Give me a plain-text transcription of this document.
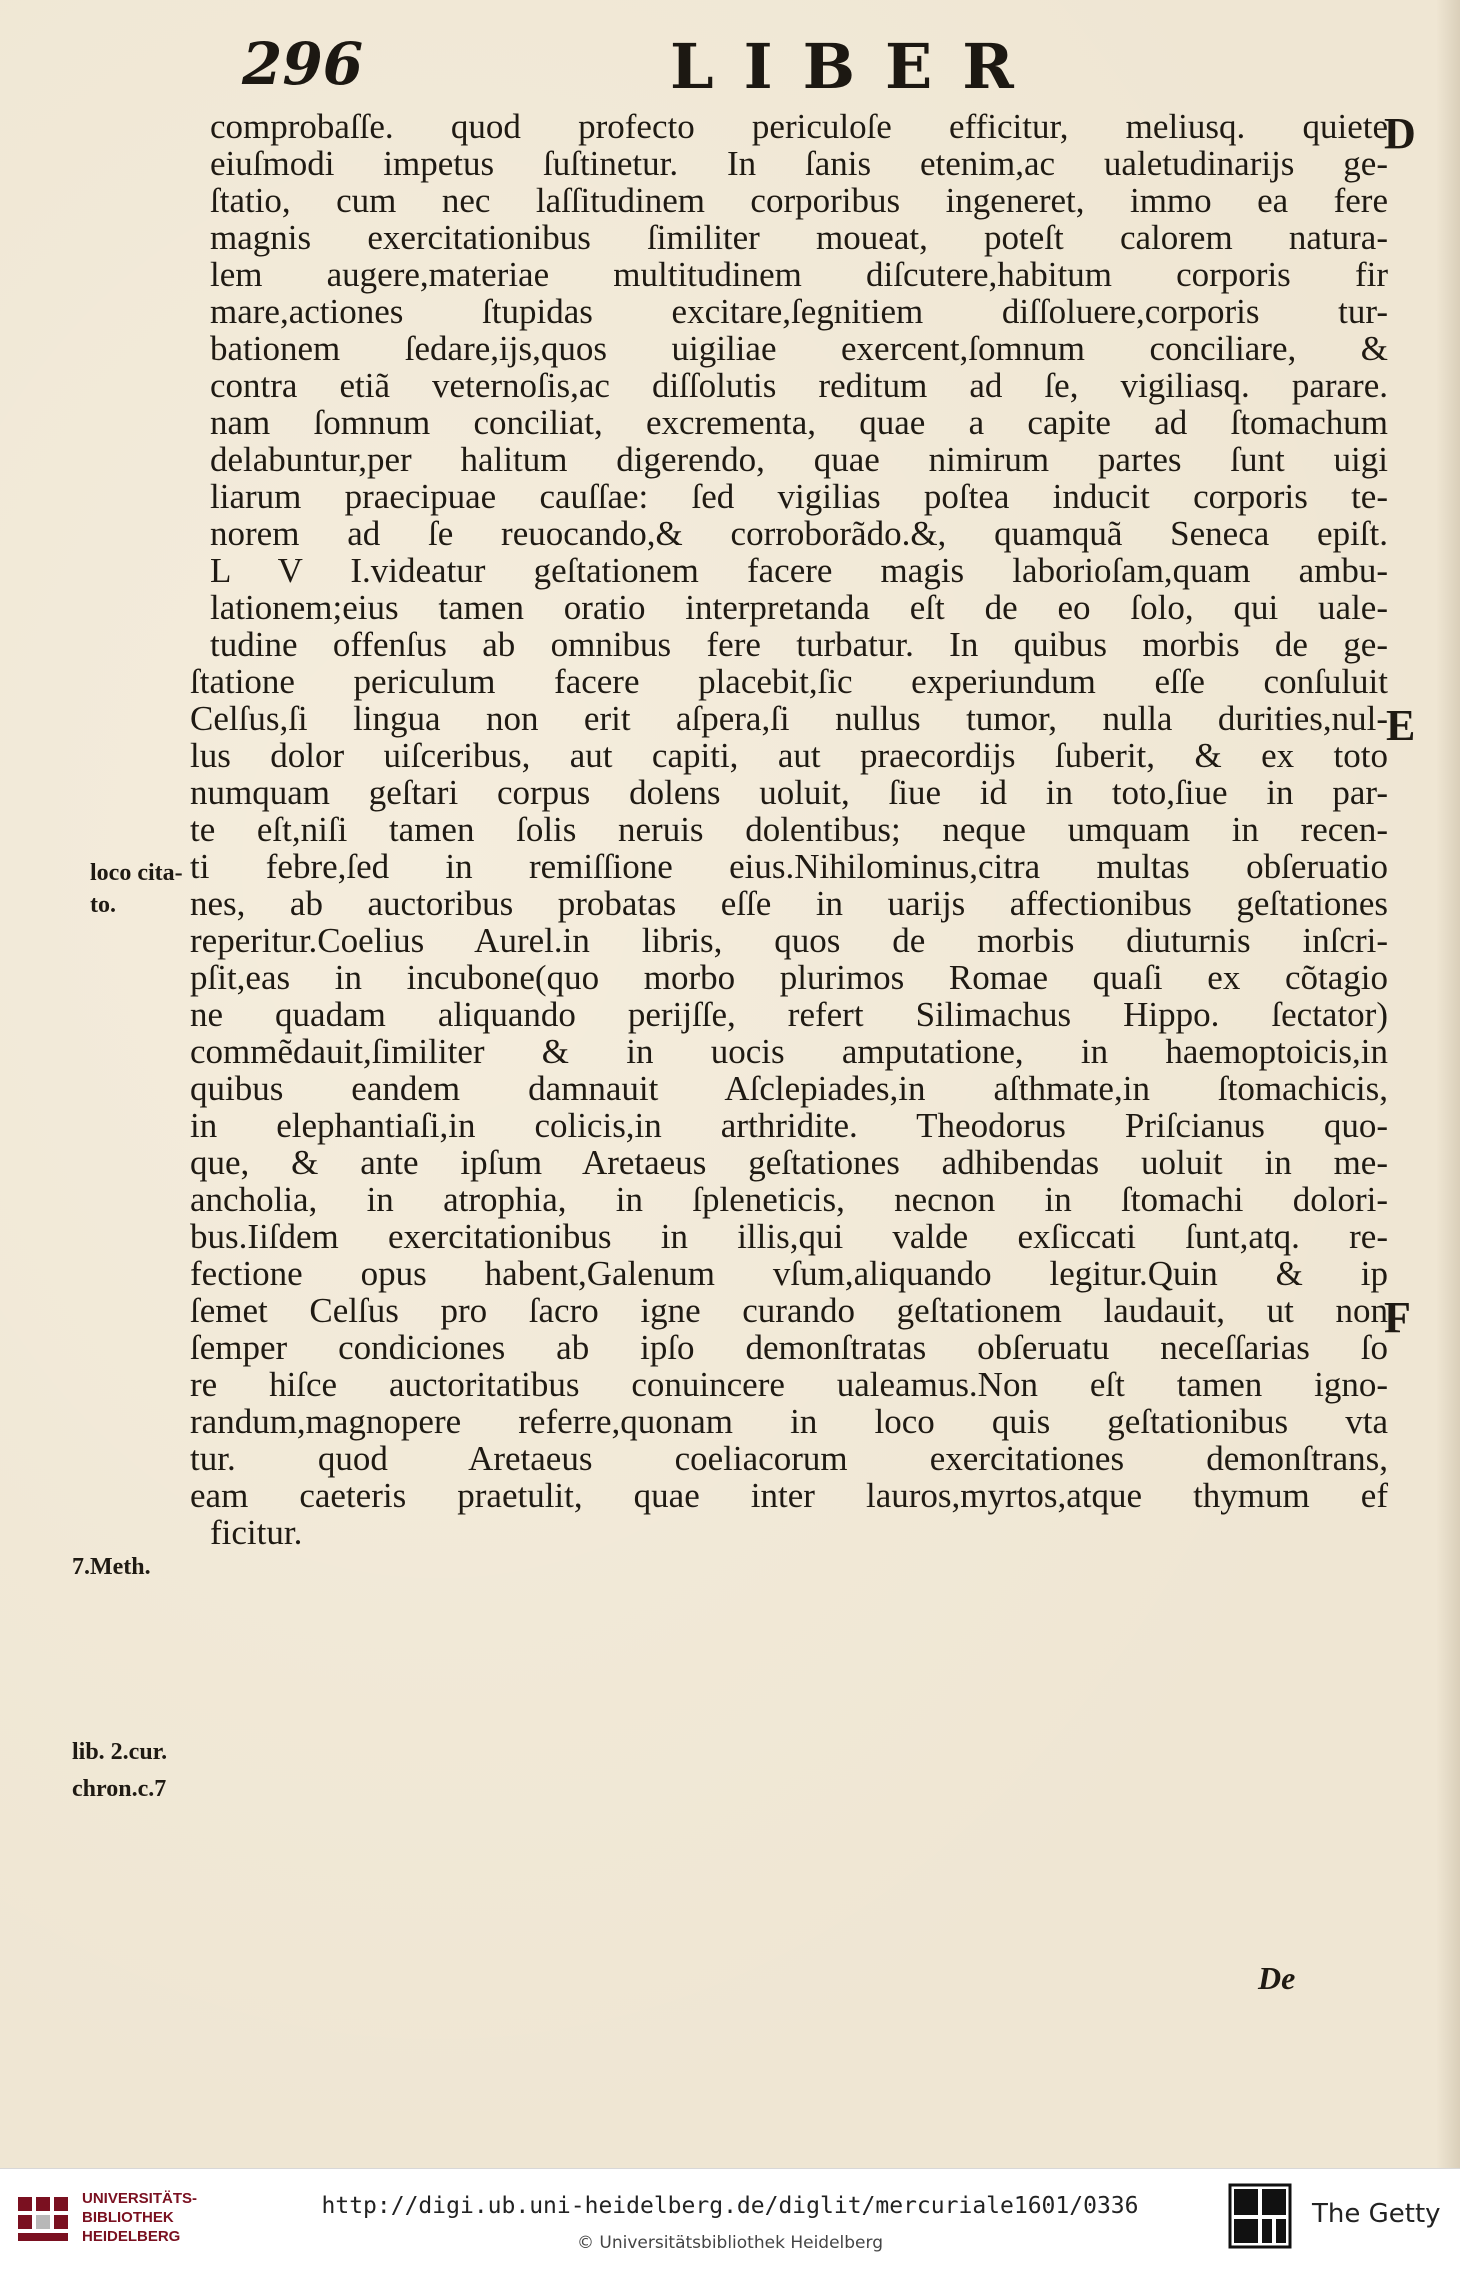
296	LIBER
comprobaſſe. quod profecto periculoſe efficitur, meliusq. quiete
eiuſmodi impetus ſuſtinetur. In ſanis etenim,ac ualetudinarijs ge-
ſtatio, cum nec laſſitudinem corporibus ingeneret, immo ea fere
magnis exercitationibus ſimiliter moueat, poteſt calorem natura-
lem augere,materiae multitudinem diſcutere,habitum corporis fir
mare,actiones ſtupidas excitare,ſegnitiem diſſoluere,corporis tur-
bationem ſedare,ijs,quos uigiliae exercent,ſomnum conciliare, &
contra etiã veternoſis,ac diſſolutis reditum ad ſe, vigiliasq. parare.
nam ſomnum conciliat, excrementa, quae a capite ad ſtomachum
delabuntur,per halitum digerendo, quae nimirum partes ſunt uigi
liarum praecipuae cauſſae: ſed vigilias poſtea inducit corporis te-
norem ad ſe reuocando,& corroborãdo.&, quamquã Seneca epiſt.
L V I.videatur geſtationem facere magis laborioſam,quam ambu-
lationem;eius tamen oratio interpretanda eſt de eo ſolo, qui uale-
tudine offenſus ab omnibus fere turbatur. In quibus morbis de ge-
ſtatione periculum facere placebit,ſic experiundum eſſe conſuluit
Celſus,ſi lingua non erit aſpera,ſi nullus tumor, nulla durities,nul-
lus dolor uiſceribus, aut capiti, aut praecordijs ſuberit, & ex toto
numquam geſtari corpus dolens uoluit, ſiue id in toto,ſiue in par-
te eſt,niſi tamen ſolis neruis dolentibus; neque umquam in recen-
ti febre,ſed in remiſſione eius.Nihilominus,citra multas obſeruatio
nes, ab auctoribus probatas eſſe in uarijs affectionibus geſtationes
reperitur.Coelius Aurel.in libris, quos de morbis diuturnis inſcri-
pſit,eas in incubone(quo morbo plurimos Romae quaſi ex cõtagio
ne quadam aliquando perijſſe, refert Silimachus Hippo. ſectator)
commẽdauit,ſimiliter & in uocis amputatione, in haemoptoicis,in
quibus eandem damnauit Aſclepiades,in aſthmate,in ſtomachicis,
in elephantiaſi,in colicis,in arthridite. Theodorus Priſcianus quo-
que, & ante ipſum Aretaeus geſtationes adhibendas uoluit in me-
ancholia, in atrophia, in ſpleneticis, necnon in ſtomachi dolori-
bus.Iiſdem exercitationibus in illis,qui valde exſiccati ſunt,atq. re-
fectione opus habent,Galenum vſum,aliquando legitur.Quin & ip
ſemet Celſus pro ſacro igne curando geſtationem laudauit, ut non
ſemper condiciones ab ipſo demonſtratas obſeruatu neceſſarias ſo
re hiſce auctoritatibus conuincere ualeamus.Non eſt tamen igno-
randum,magnopere referre,quonam in loco quis geſtationibus vta
tur. quod Aretaeus coeliacorum exercitationes demonſtrans,
eam caeteris praetulit, quae inter lauros,myrtos,atque thymum ef
ficitur.
D
E
F
loco cita-
to.
7.Meth.
lib. 2.cur.
chron.c.7
De
UNIVERSITÄTS-
BIBLIOTHEK
HEIDELBERG
http://digi.ub.uni-heidelberg.de/diglit/mercuriale1601/0336
© Universitätsbibliothek Heidelberg
The Getty
